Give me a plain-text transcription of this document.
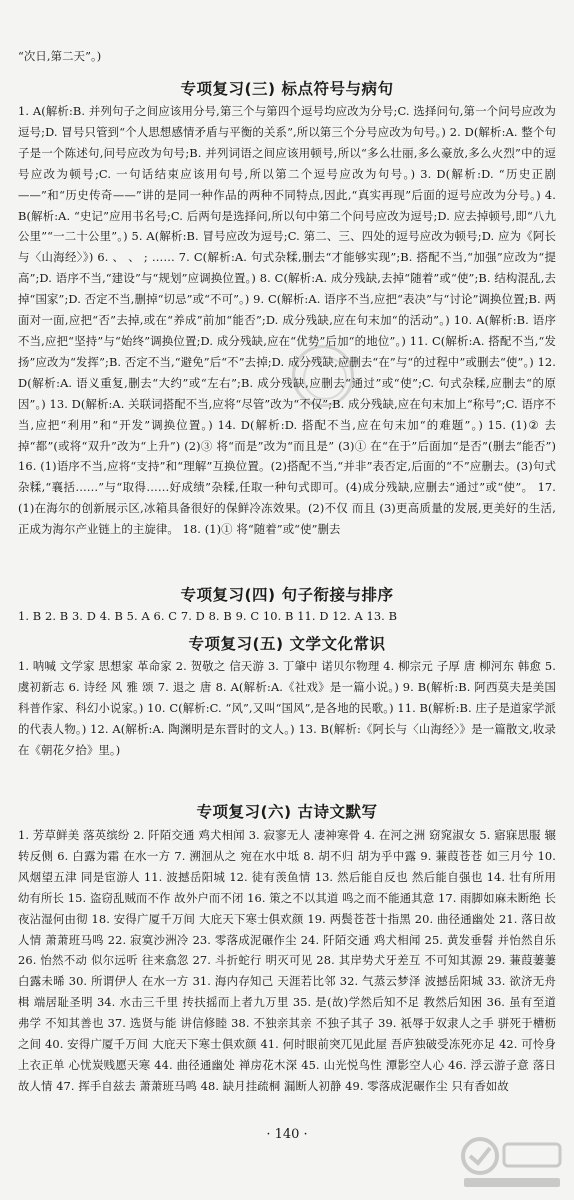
“次日,第二天”。)
专项复习(三) 标点符号与病句
1. A(解析:B. 并列句子之间应该用分号,第三个与第四个逗号均应改为分号;C. 选择问句,第一个问号应改为逗号;D. 冒号只管到“个人思想感情矛盾与平衡的关系”,所以第三个分号应改为句号。) 2. D(解析:A. 整个句子是一个陈述句,问号应改为句号;B. 并列词语之间应该用顿号,所以“多么壮丽,多么豪放,多么火烈”中的逗号应改为顿号;C. 一句话结束应该用句号,所以第二个逗号应改为句号。) 3. D(解析:D. “历史正剧——”和“历史传奇——”讲的是同一种作品的两种不同特点,因此,“真实再现”后面的逗号应改为分号。) 4. B(解析:A. “史记”应用书名号;C. 后两句是选择问,所以句中第二个问号应改为逗号;D. 应去掉顿号,即“八九公里”“一二十公里”。) 5. A(解析:B. 冒号应改为逗号;C. 第二、三、四处的逗号应改为顿号;D. 应为《阿长与〈山海经〉》) 6. 、 、 ; …… 7. C(解析:A. 句式杂糅,删去“才能够实现”;B. 搭配不当,“加强”应改为“提高”;D. 语序不当,“建设”与“规划”应调换位置。) 8. C(解析:A. 成分残缺,去掉“随着”或“使”;B. 结构混乱,去掉“国家”;D. 否定不当,删掉“切忌”或“不可”。) 9. C(解析:A. 语序不当,应把“表决”与“讨论”调换位置;B. 两面对一面,应把“否”去掉,或在“养成”前加“能否”;D. 成分残缺,应在句末加“的活动”。) 10. A(解析:B. 语序不当,应把“坚持”与“始终”调换位置;D. 成分残缺,应在“优势”后加“的地位”。) 11. C(解析:A. 搭配不当,“发扬”应改为“发挥”;B. 否定不当,“避免”后“不”去掉;D. 成分残缺,应删去“在”与“的过程中”或删去“使”。) 12. D(解析:A. 语义重复,删去“大约”或“左右”;B. 成分残缺,应删去“通过”或“使”;C. 句式杂糅,应删去“的原因”。) 13. D(解析:A. 关联词搭配不当,应将“尽管”改为“不仅”;B. 成分残缺,应在句末加上“称号”;C. 语序不当,应把“利用”和“开发”调换位置。) 14. D(解析:D. 搭配不当,应在句末加“的难题”。) 15. (1)② 去掉“都”(或将“双升”改为“上升”) (2)③ 将“而是”改为“而且是” (3)① 在“在于”后面加“是否”(删去“能否”) 16. (1)语序不当,应将“支持”和“理解”互换位置。(2)搭配不当,“并非”表否定,后面的“不”应删去。(3)句式杂糅,“襄括……”与“取得……好成绩”杂糅,任取一种句式即可。(4)成分残缺,应删去“通过”或“使”。 17. (1)在海尔的创新展示区,冰箱具备很好的保鲜冷冻效果。(2)不仅 而且 (3)更高质量的发展,更美好的生活,正成为海尔产业链上的主旋律。 18. (1)① 将“随着”或“使”删去
专项复习(四) 句子衔接与排序
1. B 2. B 3. D 4. B 5. A 6. C 7. D 8. B 9. C 10. B 11. D 12. A 13. B
专项复习(五) 文学文化常识
1. 呐喊 文学家 思想家 革命家 2. 贺敬之 信天游 3. 丁肇中 诺贝尔物理 4. 柳宗元 子厚 唐 柳河东 韩愈 5. 虞初新志 6. 诗经 风 雅 颂 7. 退之 唐 8. A(解析:A.《社戏》是一篇小说。) 9. B(解析:B. 阿西莫夫是美国科普作家、科幻小说家。) 10. C(解析:C. “风”,又叫“国风”,是各地的民歌。) 11. B(解析:B. 庄子是道家学派的代表人物。) 12. A(解析:A. 陶渊明是东晋时的文人。) 13. B(解析:《阿长与〈山海经〉》是一篇散文,收录在《朝花夕拾》里。)
专项复习(六) 古诗文默写
1. 芳草鲜美 落英缤纷 2. 阡陌交通 鸡犬相闻 3. 寂寥无人 凄神寒骨 4. 在河之洲 窈窕淑女 5. 寤寐思服 辗转反侧 6. 白露为霜 在水一方 7. 溯洄从之 宛在水中坻 8. 胡不归 胡为乎中露 9. 蒹葭苍苍 如三月兮 10. 风烟望五津 同是宦游人 11. 波撼岳阳城 12. 徒有羡鱼情 13. 然后能自反也 然后能自强也 14. 壮有所用 幼有所长 15. 盗窃乱贼而不作 故外户而不闭 16. 策之不以其道 鸣之而不能通其意 17. 雨脚如麻未断绝 长夜沾湿何由彻 18. 安得广厦千万间 大庇天下寒士俱欢颜 19. 两鬓苍苍十指黑 20. 曲径通幽处 21. 落日故人情 萧萧班马鸣 22. 寂寞沙洲冷 23. 零落成泥碾作尘 24. 阡陌交通 鸡犬相闻 25. 黄发垂髫 并怡然自乐 26. 怡然不动 似尔远听 往来翕忽 27. 斗折蛇行 明灭可见 28. 其岸势犬牙差互 不可知其源 29. 蒹葭萋萋 白露未晞 30. 所谓伊人 在水一方 31. 海内存知己 天涯若比邻 32. 气蒸云梦泽 波撼岳阳城 33. 欲济无舟楫 端居耻圣明 34. 水击三千里 抟扶摇而上者九万里 35. 是(故)学然后知不足 教然后知困 36. 虽有至道 弗学 不知其善也 37. 选贤与能 讲信修睦 38. 不独亲其亲 不独子其子 39. 祇辱于奴隶人之手 骈死于槽枥之间 40. 安得广厦千万间 大庇天下寒士俱欢颜 41. 何时眼前突兀见此屋 吾庐独破受冻死亦足 42. 可怜身上衣正单 心忧炭贱愿天寒 44. 曲径通幽处 禅房花木深 45. 山光悦鸟性 潭影空人心 46. 浮云游子意 落日故人情 47. 挥手自兹去 萧萧班马鸣 48. 缺月挂疏桐 漏断人初静 49. 零落成泥碾作尘 只有香如故
· 140 ·
